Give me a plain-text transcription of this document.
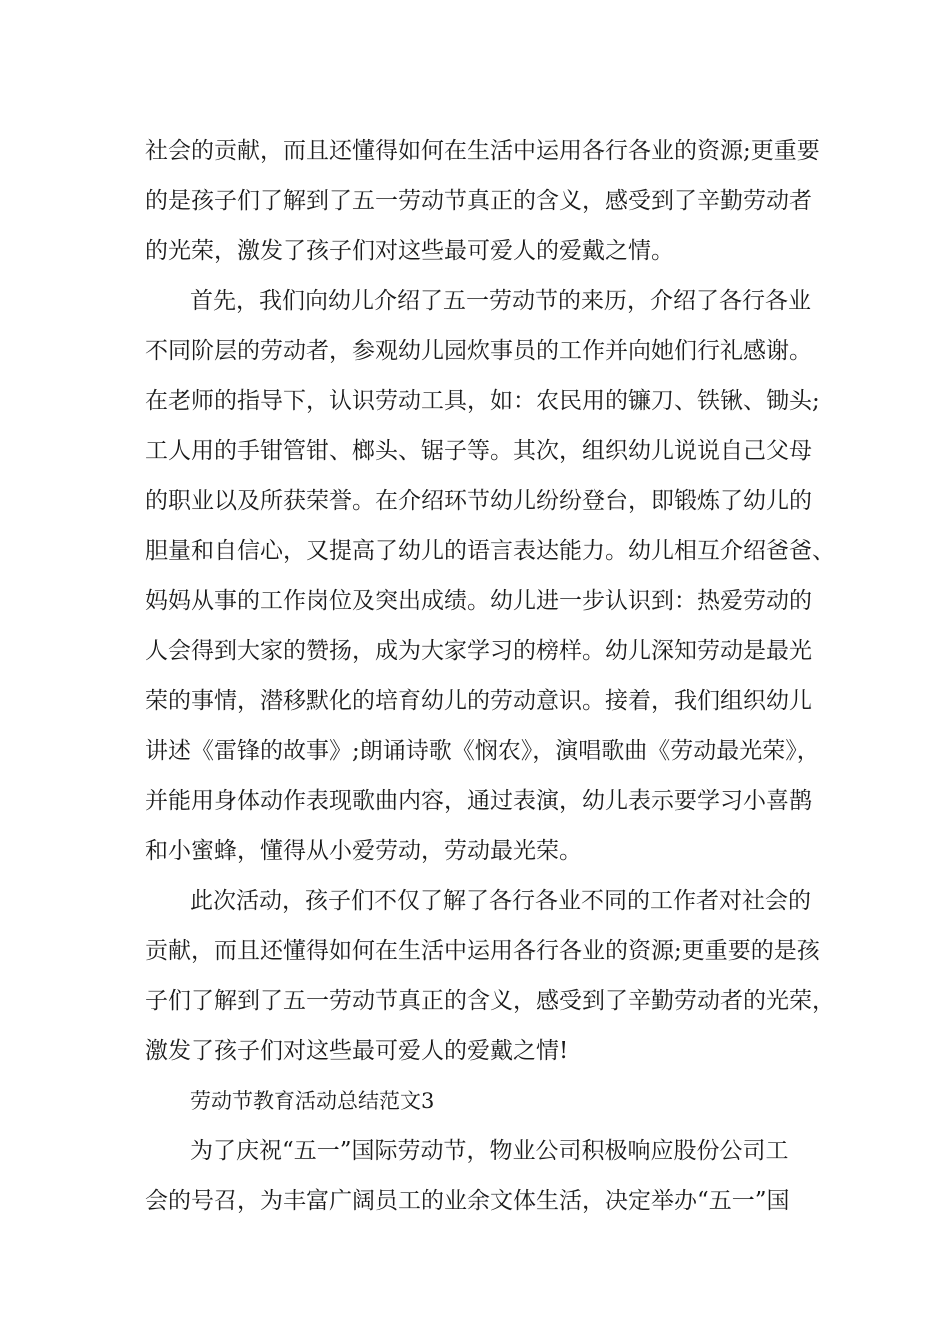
社会的贡献，而且还懂得如何在生活中运用各行各业的资源;更重要
的是孩子们了解到了五一劳动节真正的含义，感受到了辛勤劳动者
的光荣，激发了孩子们对这些最可爱人的爱戴之情。
首先，我们向幼儿介绍了五一劳动节的来历，介绍了各行各业
不同阶层的劳动者，参观幼儿园炊事员的工作并向她们行礼感谢。
在老师的指导下，认识劳动工具，如：农民用的镰刀、铁锹、锄头;
工人用的手钳管钳、榔头、锯子等。其次，组织幼儿说说自己父母
的职业以及所获荣誉。在介绍环节幼儿纷纷登台，即锻炼了幼儿的
胆量和自信心，又提高了幼儿的语言表达能力。幼儿相互介绍爸爸、
妈妈从事的工作岗位及突出成绩。幼儿进一步认识到：热爱劳动的
人会得到大家的赞扬，成为大家学习的榜样。幼儿深知劳动是最光
荣的事情，潜移默化的培育幼儿的劳动意识。接着，我们组织幼儿
讲述《雷锋的故事》;朗诵诗歌《悯农》，演唱歌曲《劳动最光荣》，
并能用身体动作表现歌曲内容，通过表演，幼儿表示要学习小喜鹊
和小蜜蜂，懂得从小爱劳动，劳动最光荣。
此次活动，孩子们不仅了解了各行各业不同的工作者对社会的
贡献，而且还懂得如何在生活中运用各行各业的资源;更重要的是孩
子们了解到了五一劳动节真正的含义，感受到了辛勤劳动者的光荣，
激发了孩子们对这些最可爱人的爱戴之情!
劳动节教育活动总结范文3
为了庆祝“五一”国际劳动节，物业公司积极响应股份公司工
会的号召，为丰富广阔员工的业余文体生活，决定举办“五一”国
